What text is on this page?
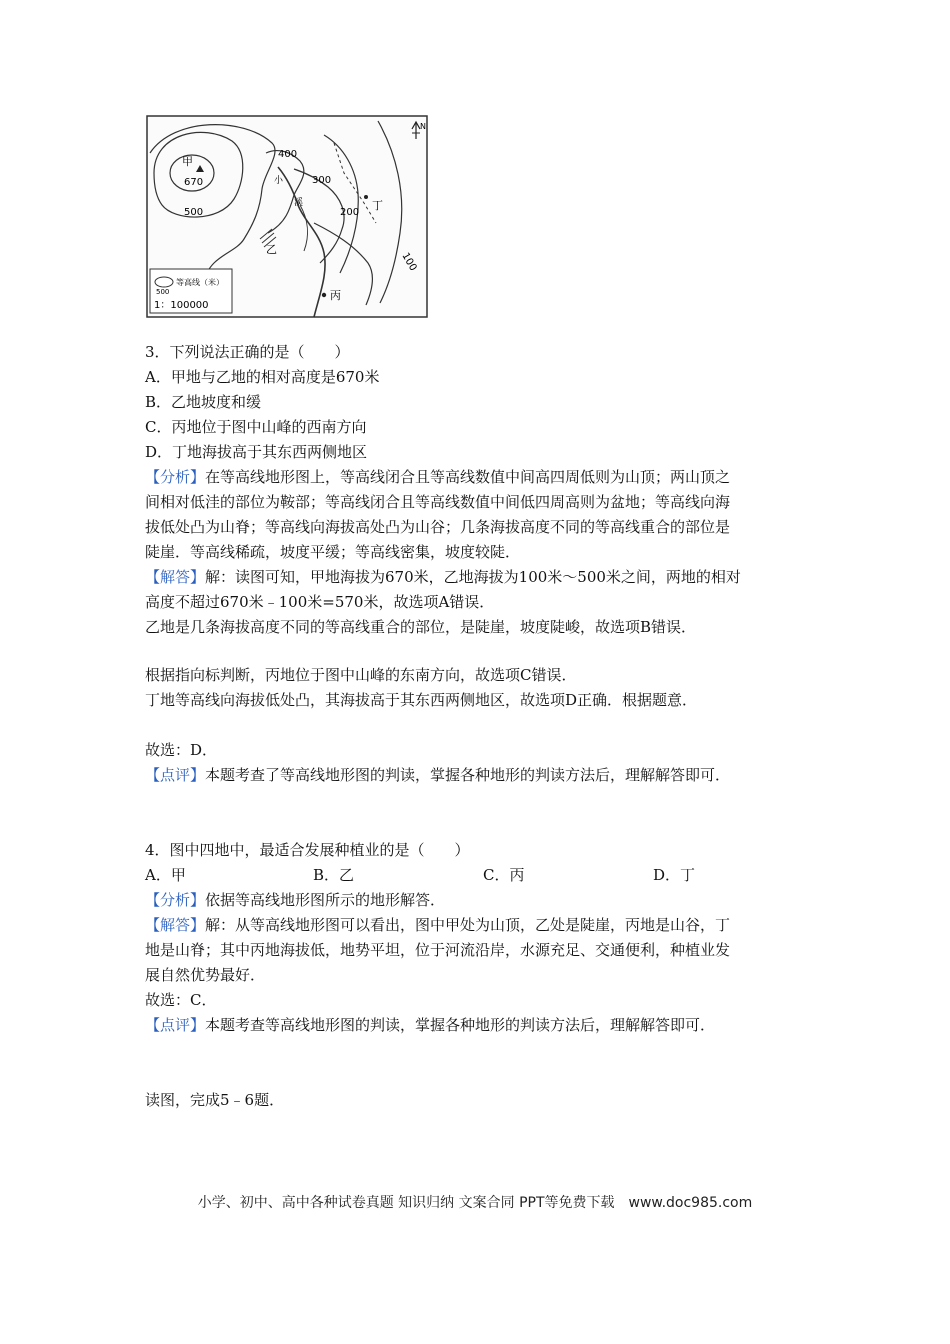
甲
670
400
300
500	200
100
小
溪
乙
丙
丁
N
500
等高线（米）
1：100000
3．下列说法正确的是（　　）
A．甲地与乙地的相对高度是670米
B．乙地坡度和缓
C．丙地位于图中山峰的西南方向
D．丁地海拔高于其东西两侧地区
【分析】在等高线地形图上，等高线闭合且等高线数值中间高四周低则为山顶；两山顶之
间相对低洼的部位为鞍部；等高线闭合且等高线数值中间低四周高则为盆地；等高线向海
拔低处凸为山脊；等高线向海拔高处凸为山谷；几条海拔高度不同的等高线重合的部位是
陡崖．等高线稀疏，坡度平缓；等高线密集，坡度较陡．
【解答】解：读图可知，甲地海拔为670米，乙地海拔为100米～500米之间，两地的相对
高度不超过670米﹣100米=570米，故选项A错误．
乙地是几条海拔高度不同的等高线重合的部位，是陡崖，坡度陡峻，故选项B错误．
根据指向标判断，丙地位于图中山峰的东南方向，故选项C错误．
丁地等高线向海拔低处凸，其海拔高于其东西两侧地区，故选项D正确．根据题意．
故选：D．
【点评】本题考查了等高线地形图的判读，掌握各种地形的判读方法后，理解解答即可．
4．图中四地中，最适合发展种植业的是（　　）
A．甲	B．乙	C．丙	D．丁
【分析】依据等高线地形图所示的地形解答．
【解答】解：从等高线地形图可以看出，图中甲处为山顶，乙处是陡崖，丙地是山谷，丁
地是山脊；其中丙地海拔低，地势平坦，位于河流沿岸，水源充足、交通便利，种植业发
展自然优势最好．
故选：C．
【点评】本题考查等高线地形图的判读，掌握各种地形的判读方法后，理解解答即可．
读图，完成5﹣6题．
小学、初中、高中各种试卷真题 知识归纳 文案合同 PPT等免费下载　www.doc985.com
